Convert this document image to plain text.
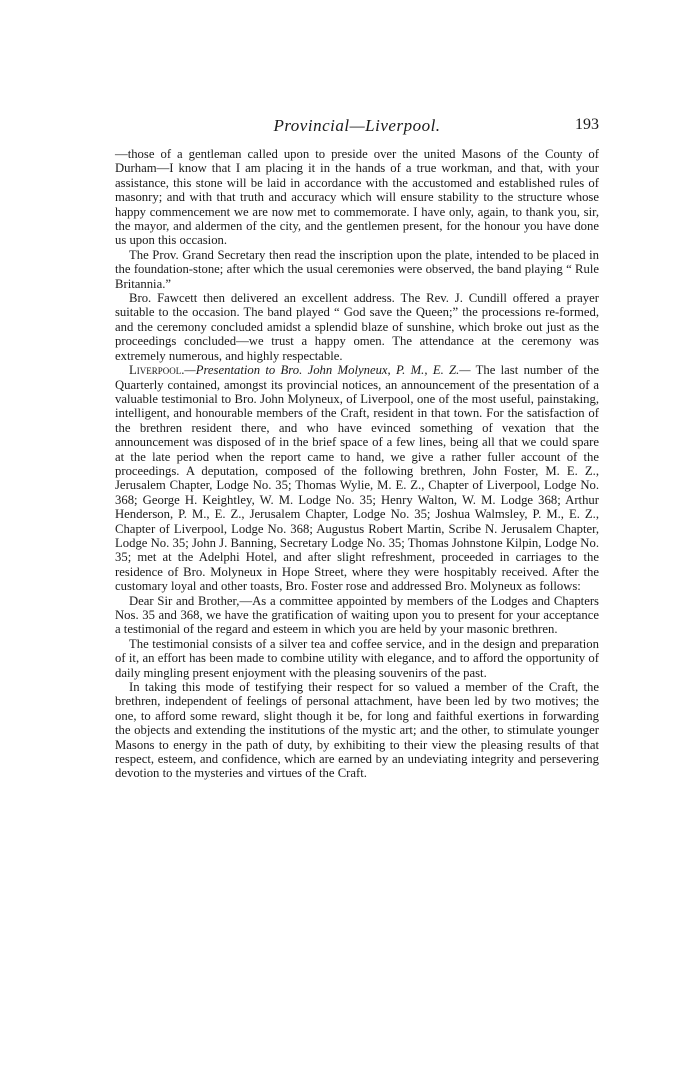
Provincial—Liverpool.	193

—those of a gentleman called upon to preside over the united Masons of the County of Durham—I know that I am placing it in the hands of a true workman, and that, with your assistance, this stone will be laid in accordance with the accustomed and established rules of masonry; and with that truth and accuracy which will ensure stability to the structure whose happy commencement we are now met to commemorate. I have only, again, to thank you, sir, the mayor, and aldermen of the city, and the gentlemen present, for the honour you have done us upon this occasion.

The Prov. Grand Secretary then read the inscription upon the plate, intended to be placed in the foundation-stone; after which the usual ceremonies were observed, the band playing “ Rule Britannia.”

Bro. Fawcett then delivered an excellent address. The Rev. J. Cundill offered a prayer suitable to the occasion. The band played “ God save the Queen;” the processions re-formed, and the ceremony concluded amidst a splendid blaze of sunshine, which broke out just as the proceedings concluded—we trust a happy omen. The attendance at the ceremony was extremely numerous, and highly respectable.

Liverpool.—Presentation to Bro. John Molyneux, P. M., E. Z.— The last number of the Quarterly contained, amongst its provincial notices, an announcement of the presentation of a valuable testimonial to Bro. John Molyneux, of Liverpool, one of the most useful, painstaking, intelligent, and honourable members of the Craft, resident in that town. For the satisfaction of the brethren resident there, and who have evinced something of vexation that the announcement was disposed of in the brief space of a few lines, being all that we could spare at the late period when the report came to hand, we give a rather fuller account of the proceedings. A deputation, composed of the following brethren, John Foster, M. E. Z., Jerusalem Chapter, Lodge No. 35; Thomas Wylie, M. E. Z., Chapter of Liverpool, Lodge No. 368; George H. Keightley, W. M. Lodge No. 35; Henry Walton, W. M. Lodge 368; Arthur Henderson, P. M., E. Z., Jerusalem Chapter, Lodge No. 35; Joshua Walmsley, P. M., E. Z., Chapter of Liverpool, Lodge No. 368; Augustus Robert Martin, Scribe N. Jerusalem Chapter, Lodge No. 35; John J. Banning, Secretary Lodge No. 35; Thomas Johnstone Kilpin, Lodge No. 35; met at the Adelphi Hotel, and after slight refreshment, proceeded in carriages to the residence of Bro. Molyneux in Hope Street, where they were hospitably received. After the customary loyal and other toasts, Bro. Foster rose and addressed Bro. Molyneux as follows:

Dear Sir and Brother,—As a committee appointed by members of the Lodges and Chapters Nos. 35 and 368, we have the gratification of waiting upon you to present for your acceptance a testimonial of the regard and esteem in which you are held by your masonic brethren.

The testimonial consists of a silver tea and coffee service, and in the design and preparation of it, an effort has been made to combine utility with elegance, and to afford the opportunity of daily mingling present enjoyment with the pleasing souvenirs of the past.

In taking this mode of testifying their respect for so valued a member of the Craft, the brethren, independent of feelings of personal attachment, have been led by two motives; the one, to afford some reward, slight though it be, for long and faithful exertions in forwarding the objects and extending the institutions of the mystic art; and the other, to stimulate younger Masons to energy in the path of duty, by exhibiting to their view the pleasing results of that respect, esteem, and confidence, which are earned by an undeviating integrity and persevering devotion to the mysteries and virtues of the Craft.
